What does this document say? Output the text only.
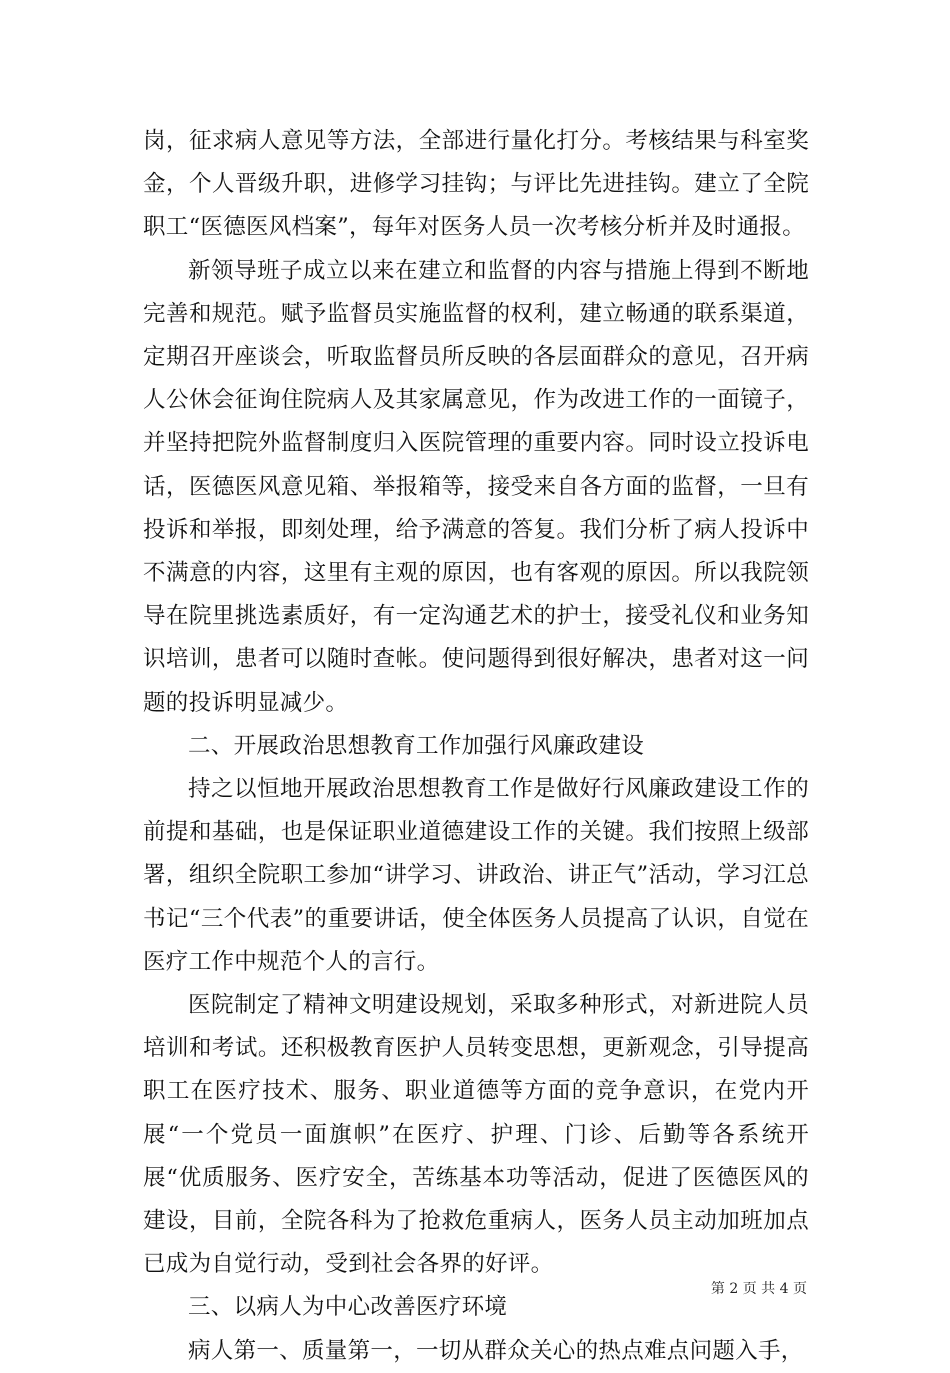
岗，征求病人意见等方法，全部进行量化打分。考核结果与科室奖金，个人晋级升职，进修学习挂钩；与评比先进挂钩。建立了全院职工“医德医风档案”，每年对医务人员一次考核分析并及时通报。

新领导班子成立以来在建立和监督的内容与措施上得到不断地完善和规范。赋予监督员实施监督的权利，建立畅通的联系渠道，定期召开座谈会，听取监督员所反映的各层面群众的意见，召开病人公休会征询住院病人及其家属意见，作为改进工作的一面镜子，并坚持把院外监督制度归入医院管理的重要内容。同时设立投诉电话，医德医风意见箱、举报箱等，接受来自各方面的监督，一旦有投诉和举报，即刻处理，给予满意的答复。我们分析了病人投诉中不满意的内容，这里有主观的原因，也有客观的原因。所以我院领导在院里挑选素质好，有一定沟通艺术的护士，接受礼仪和业务知识培训，患者可以随时查帐。使问题得到很好解决，患者对这一问题的投诉明显减少。

二、开展政治思想教育工作加强行风廉政建设

持之以恒地开展政治思想教育工作是做好行风廉政建设工作的前提和基础，也是保证职业道德建设工作的关键。我们按照上级部署，组织全院职工参加“讲学习、讲政治、讲正气”活动，学习江总书记“三个代表”的重要讲话，使全体医务人员提高了认识，自觉在医疗工作中规范个人的言行。

医院制定了精神文明建设规划，采取多种形式，对新进院人员培训和考试。还积极教育医护人员转变思想，更新观念，引导提高职工在医疗技术、服务、职业道德等方面的竞争意识，在党内开展“一个党员一面旗帜”在医疗、护理、门诊、后勤等各系统开展“优质服务、医疗安全，苦练基本功等活动，促进了医德医风的建设，目前，全院各科为了抢救危重病人，医务人员主动加班加点已成为自觉行动，受到社会各界的好评。

三、以病人为中心改善医疗环境

病人第一、质量第一，一切从群众关心的热点难点问题入手，

第 2 页 共 4 页
